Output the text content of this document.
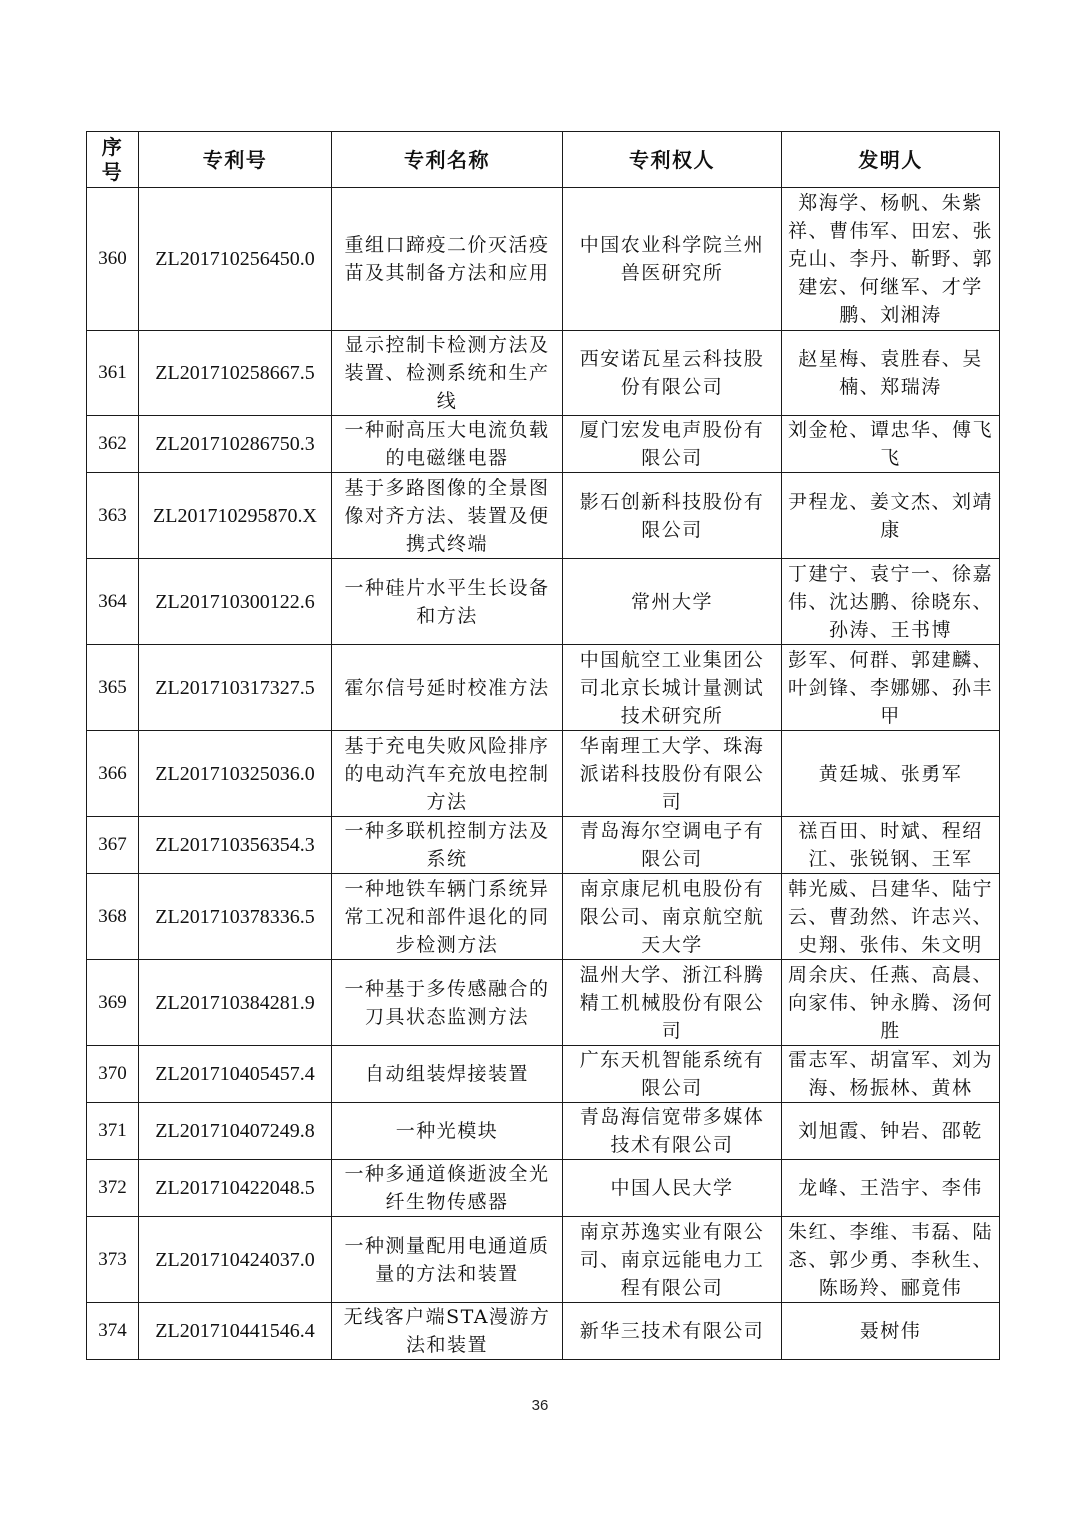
序
号	专利号	专利名称	专利权人	发明人
360	ZL201710256450.0	重组口蹄疫二价灭活疫苗及其制备方法和应用	中国农业科学院兰州兽医研究所	郑海学、杨帆、朱紫祥、曹伟军、田宏、张克山、李丹、靳野、郭建宏、何继军、才学鹏、刘湘涛
361	ZL201710258667.5	显示控制卡检测方法及装置、检测系统和生产线	西安诺瓦星云科技股份有限公司	赵星梅、袁胜春、吴楠、郑瑞涛
362	ZL201710286750.3	一种耐高压大电流负载的电磁继电器	厦门宏发电声股份有限公司	刘金枪、谭忠华、傅飞飞
363	ZL201710295870.X	基于多路图像的全景图像对齐方法、装置及便携式终端	影石创新科技股份有限公司	尹程龙、姜文杰、刘靖康
364	ZL201710300122.6	一种硅片水平生长设备和方法	常州大学	丁建宁、袁宁一、徐嘉伟、沈达鹏、徐晓东、孙涛、王书博
365	ZL201710317327.5	霍尔信号延时校准方法	中国航空工业集团公司北京长城计量测试技术研究所	彭军、何群、郭建麟、叶剑锋、李娜娜、孙丰甲
366	ZL201710325036.0	基于充电失败风险排序的电动汽车充放电控制方法	华南理工大学、珠海派诺科技股份有限公司	黄廷城、张勇军
367	ZL201710356354.3	一种多联机控制方法及系统	青岛海尔空调电子有限公司	禚百田、时斌、程绍江、张锐钢、王军
368	ZL201710378336.5	一种地铁车辆门系统异常工况和部件退化的同步检测方法	南京康尼机电股份有限公司、南京航空航天大学	韩光威、吕建华、陆宁云、曹劲然、许志兴、史翔、张伟、朱文明
369	ZL201710384281.9	一种基于多传感融合的刀具状态监测方法	温州大学、浙江科腾精工机械股份有限公司	周余庆、任燕、高晨、向家伟、钟永腾、汤何胜
370	ZL201710405457.4	自动组装焊接装置	广东天机智能系统有限公司	雷志军、胡富军、刘为海、杨振林、黄林
371	ZL201710407249.8	一种光模块	青岛海信宽带多媒体技术有限公司	刘旭霞、钟岩、邵乾
372	ZL201710422048.5	一种多通道倏逝波全光纤生物传感器	中国人民大学	龙峰、王浩宇、李伟
373	ZL201710424037.0	一种测量配用电通道质量的方法和装置	南京苏逸实业有限公司、南京远能电力工程有限公司	朱红、李维、韦磊、陆忞、郭少勇、李秋生、陈旸羚、郦竟伟
374	ZL201710441546.4	无线客户端STA漫游方法和装置	新华三技术有限公司	聂树伟
36
